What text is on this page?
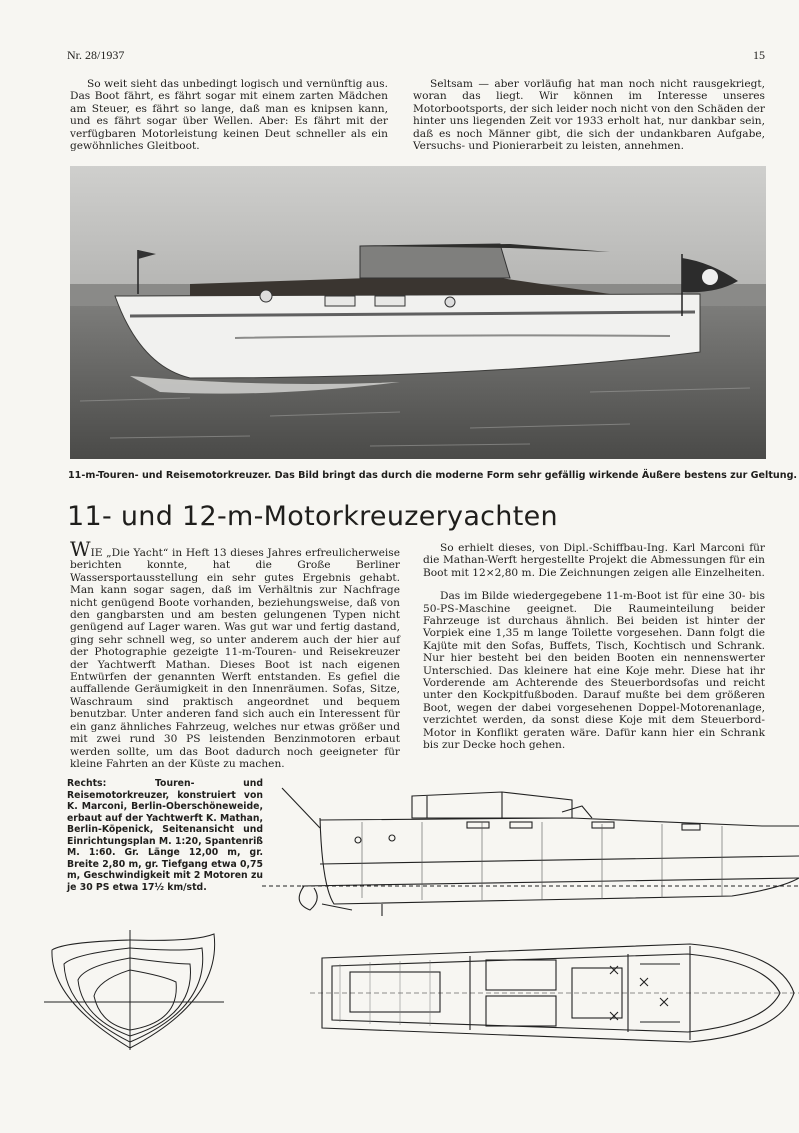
Nr. 28/1937	15

So weit sieht das unbedingt logisch und vernünftig aus. Das Boot fährt, es fährt sogar mit einem zarten Mädchen am Steuer, es fährt so lange, daß man es knipsen kann, und es fährt sogar über Wellen. Aber: Es fährt mit der verfügbaren Motorleistung keinen Deut schneller als ein gewöhnliches Gleitboot.

Seltsam — aber vorläufig hat man noch nicht rausgekriegt, woran das liegt. Wir können im Interesse unseres Motorbootsports, der sich leider noch nicht von den Schäden der hinter uns liegenden Zeit vor 1933 erholt hat, nur dankbar sein, daß es noch Männer gibt, die sich der undankbaren Aufgabe, Versuchs- und Pionierarbeit zu leisten, annehmen.

11-m-Touren- und Reisemotorkreuzer. Das Bild bringt das durch die moderne Form sehr gefällig wirkende Äußere bestens zur Geltung.
11- und 12-m-Motorkreuzeryachten

WIE „Die Yacht“ in Heft 13 dieses Jahres erfreulicherweise berichten konnte, hat die Große Berliner Wassersportausstellung ein sehr gutes Ergebnis gehabt. Man kann sogar sagen, daß im Verhältnis zur Nachfrage nicht genügend Boote vorhanden, beziehungsweise, daß von den gangbarsten und am besten gelungenen Typen nicht genügend auf Lager waren. Was gut war und fertig dastand, ging sehr schnell weg, so unter anderem auch der hier auf der Photographie gezeigte 11-m-Touren- und Reisekreuzer der Yachtwerft Mathan. Dieses Boot ist nach eigenen Entwürfen der genannten Werft entstanden. Es gefiel die auffallende Geräumigkeit in den Innenräumen. Sofas, Sitze, Waschraum sind praktisch angeordnet und bequem benutzbar. Unter anderen fand sich auch ein Interessent für ein ganz ähnliches Fahrzeug, welches nur etwas größer und mit zwei rund 30 PS leistenden Benzinmotoren erbaut werden sollte, um das Boot dadurch noch geeigneter für kleine Fahrten an der Küste zu machen.

So erhielt dieses, von Dipl.-Schiffbau-Ing. Karl Marconi für die Mathan-Werft hergestellte Projekt die Abmessungen für ein Boot mit 12×2,80 m. Die Zeichnungen zeigen alle Einzelheiten.

Das im Bilde wiedergegebene 11-m-Boot ist für eine 30- bis 50-PS-Maschine geeignet. Die Raumeinteilung beider Fahrzeuge ist durchaus ähnlich. Bei beiden ist hinter der Vorpiek eine 1,35 m lange Toilette vorgesehen. Dann folgt die Kajüte mit den Sofas, Buffets, Tisch, Kochtisch und Schrank. Nur hier besteht bei den beiden Booten ein nennenswerter Unterschied. Das kleinere hat eine Koje mehr. Diese hat ihr Vorderende am Achterende des Steuerbordsofas und reicht unter den Kockpitfußboden. Darauf mußte bei dem größeren Boot, wegen der dabei vorgesehenen Doppel-Motorenanlage, verzichtet werden, da sonst diese Koje mit dem Steuerbord-Motor in Konflikt geraten wäre. Dafür kann hier ein Schrank bis zur Decke hoch gehen.

Rechts: Touren- und Reisemotorkreuzer, konstruiert von K. Marconi, Berlin-Oberschöneweide, erbaut auf der Yachtwerft K. Mathan, Berlin-Köpenick, Seitenansicht und Einrichtungsplan M. 1:20, Spantenriß M. 1:60. Gr. Länge 12,00 m, gr. Breite 2,80 m, gr. Tiefgang etwa 0,75 m, Geschwindigkeit mit 2 Motoren zu je 30 PS etwa 17½ km/std.
